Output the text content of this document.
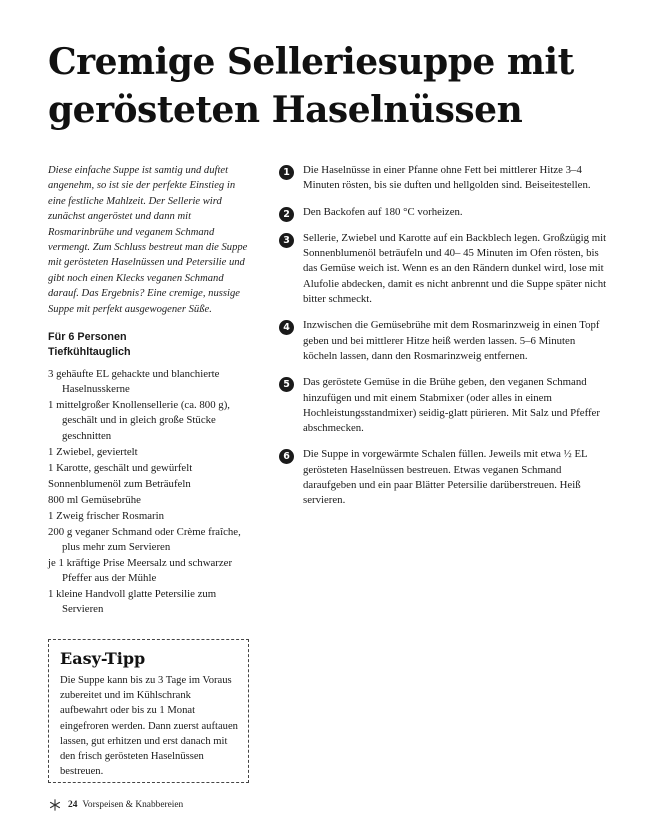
Cremige Selleriesuppe mit gerösteten Haselnüssen

Diese einfache Suppe ist samtig und duftet angenehm, so ist sie der perfekte Einstieg in eine festliche Mahlzeit. Der Sellerie wird zunächst angeröstet und dann mit Rosmarinbrühe und veganem Schmand vermengt. Zum Schluss bestreut man die Suppe mit gerösteten Haselnüssen und Petersilie und gibt noch einen Klecks veganen Schmand darauf. Das Ergebnis? Eine cremige, nussige Suppe mit perfekt ausgewogener Süße.

Für 6 Personen
Tiefkühltauglich
3 gehäufte EL gehackte und blanchierte Haselnusskerne
1 mittelgroßer Knollensellerie (ca. 800 g), geschält und in gleich große Stücke geschnitten
1 Zwiebel, geviertelt
1 Karotte, geschält und gewürfelt
Sonnenblumenöl zum Beträufeln
800 ml Gemüsebrühe
1 Zweig frischer Rosmarin
200 g veganer Schmand oder Crème fraîche, plus mehr zum Servieren
je 1 kräftige Prise Meersalz und schwarzer Pfeffer aus der Mühle
1 kleine Handvoll glatte Petersilie zum Servieren
Easy-Tipp

Die Suppe kann bis zu 3 Tage im Voraus zubereitet und im Kühlschrank aufbewahrt oder bis zu 1 Monat eingefroren werden. Dann zuerst auftauen lassen, gut erhitzen und erst danach mit den frisch gerösteten Haselnüssen bestreuen.

1	Die Haselnüsse in einer Pfanne ohne Fett bei mittlerer Hitze 3–4 Minuten rösten, bis sie duften und hellgolden sind. Beiseitestellen.
2	Den Backofen auf 180 °C vorheizen.
3	Sellerie, Zwiebel und Karotte auf ein Backblech legen. Großzügig mit Sonnenblumenöl beträufeln und 40– 45 Minuten im Ofen rösten, bis das Gemüse weich ist. Wenn es an den Rändern dunkel wird, lose mit Alufolie abdecken, damit es nicht anbrennt und die Suppe später nicht bitter schmeckt.
4	Inzwischen die Gemüsebrühe mit dem Rosmarinzweig in einen Topf geben und bei mittlerer Hitze heiß werden lassen. 5–6 Minuten köcheln lassen, dann den Rosmarinzweig entfernen.
5	Das geröstete Gemüse in die Brühe geben, den veganen Schmand hinzufügen und mit einem Stabmixer (oder alles in einem Hochleistungsstandmixer) seidig-glatt pürieren. Mit Salz und Pfeffer abschmecken.
6	Die Suppe in vorgewärmte Schalen füllen. Jeweils mit etwa ½ EL gerösteten Haselnüssen bestreuen. Etwas veganen Schmand daraufgeben und ein paar Blätter Petersilie darüberstreuen. Heiß servieren.
24 Vorspeisen & Knabbereien
